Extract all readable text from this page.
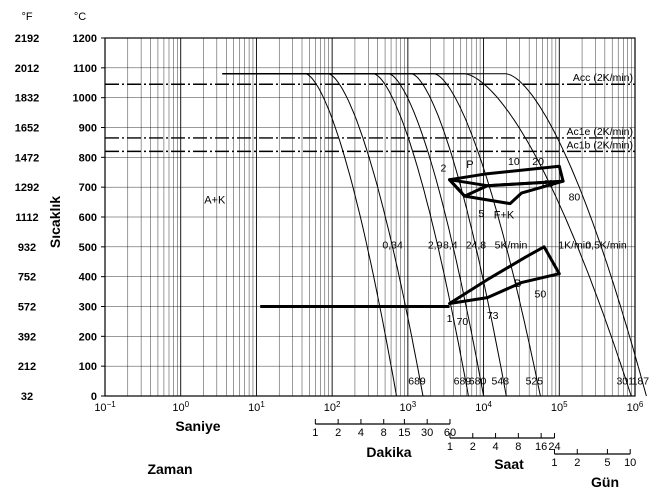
Acc (2K/min)
Ac1e (2K/min)
Ac1b (2K/min)
0,34
689
2,9
689
8,4
680
24,8
548
5K/min
525
1K/min
301
0,5K/min
187
A+K
P
F+K
B
2
10 20
40
80
5
1 70 73
50
1200
2192
1100
2012
1000
1832
900
1652
800
1472
700
1292
600
1112
500
932
400
752
300
572
200
392
100
212
0
32
$10^{-1}$	$10^0$	$10^1$	$10^2$	$10^3$	$10^4$	$10^5$	$10^6$
1 2 4 8 15 30 60
1 2 4 8 16 24
1 2 5 10
°F	°C
Sıcaklık
Zaman
Saniye
Dakika
Saat
Gün
